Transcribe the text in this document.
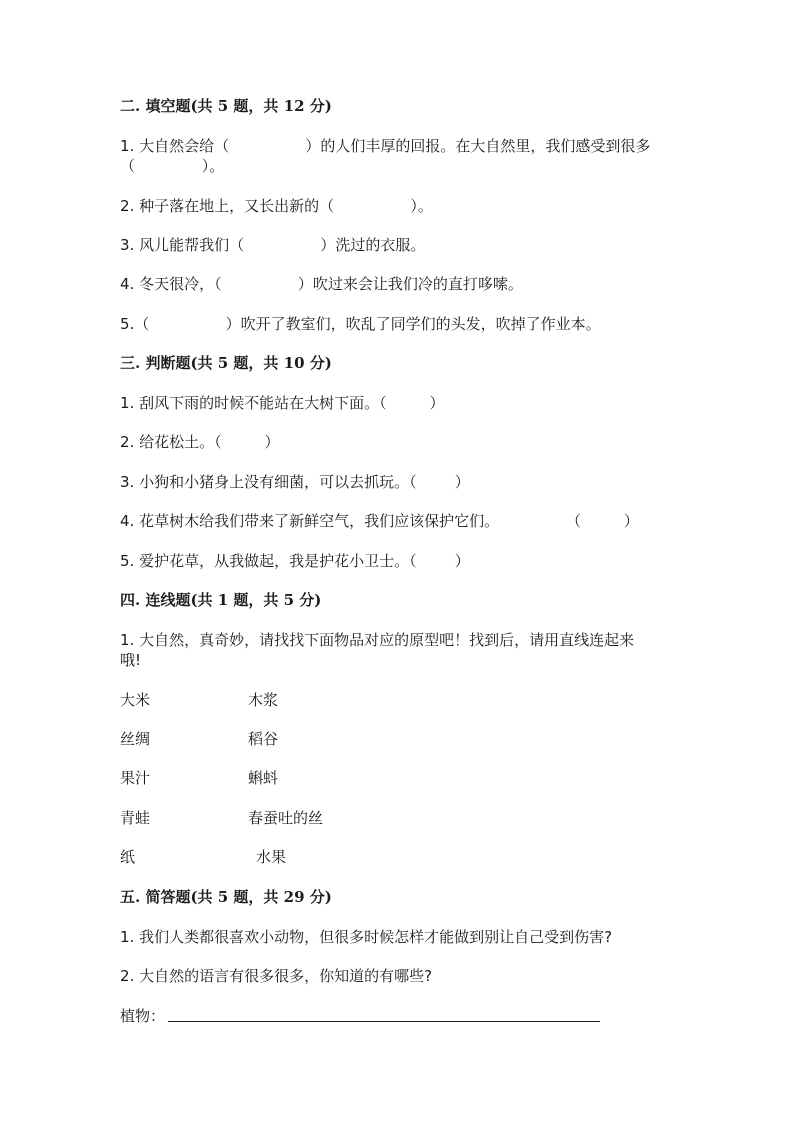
二. 填空题(共 5 题，共 12 分)
1. 大自然会给（                ）的人们丰厚的回报。在大自然里，我们感受到很多
（              ）。
2. 种子落在地上，又长出新的（                ）。
3. 风儿能帮我们（                ）洗过的衣服。
4. 冬天很冷，（                ）吹过来会让我们冷的直打哆嗦。
5.（                ）吹开了教室们，吹乱了同学们的头发，吹掉了作业本。
三. 判断题(共 5 题，共 10 分)
1. 刮风下雨的时候不能站在大树下面。（         ）
2. 给花松土。（         ）
3. 小狗和小猪身上没有细菌，可以去抓玩。（        ）
4. 花草树木给我们带来了新鲜空气，我们应该保护它们。	（         ）
5. 爱护花草，从我做起，我是护花小卫士。（        ）
四. 连线题(共 1 题，共 5 分)
1. 大自然，真奇妙，请找找下面物品对应的原型吧！找到后，请用直线连起来
哦!
大米	木浆
丝绸	稻谷
果汁	蝌蚪
青蛙	春蚕吐的丝
纸	水果
五. 简答题(共 5 题，共 29 分)
1. 我们人类都很喜欢小动物，但很多时候怎样才能做到别让自己受到伤害?
2. 大自然的语言有很多很多，你知道的有哪些?
植物：
